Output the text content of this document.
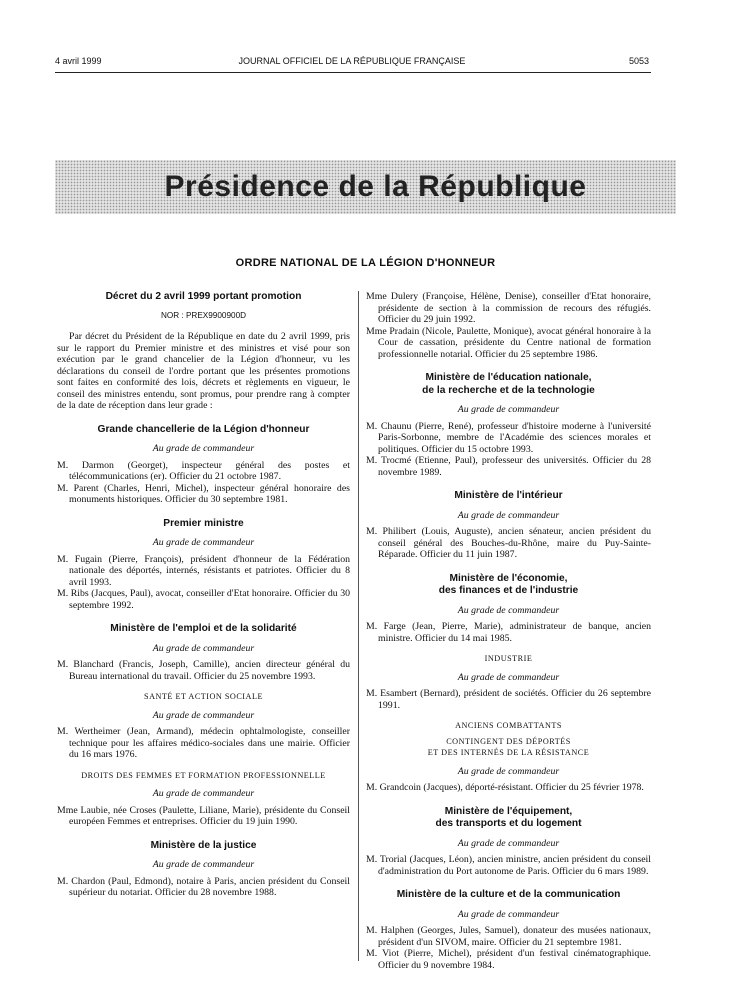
4 avril 1999	JOURNAL OFFICIEL DE LA RÉPUBLIQUE FRANÇAISE	5053
Présidence de la République
ORDRE NATIONAL DE LA LÉGION D'HONNEUR
Décret du 2 avril 1999 portant promotion
NOR : PREX9900900D

Par décret du Président de la République en date du 2 avril 1999, pris sur le rapport du Premier ministre et des ministres et visé pour son exécution par le grand chancelier de la Légion d'honneur, vu les déclarations du conseil de l'ordre portant que les présentes promotions sont faites en conformité des lois, décrets et règlements en vigueur, le conseil des ministres entendu, sont promus, pour prendre rang à compter de la date de réception dans leur grade :

Grande chancellerie de la Légion d'honneur
Au grade de commandeur

M. Darmon (Georget), inspecteur général des postes et télécommunications (er). Officier du 21 octobre 1987.

M. Parent (Charles, Henri, Michel), inspecteur général honoraire des monuments historiques. Officier du 30 septembre 1981.

Premier ministre
Au grade de commandeur

M. Fugain (Pierre, François), président d'honneur de la Fédération nationale des déportés, internés, résistants et patriotes. Officier du 8 avril 1993.

M. Ribs (Jacques, Paul), avocat, conseiller d'Etat honoraire. Officier du 30 septembre 1992.

Ministère de l'emploi et de la solidarité
Au grade de commandeur

M. Blanchard (Francis, Joseph, Camille), ancien directeur général du Bureau international du travail. Officier du 25 novembre 1993.

SANTÉ ET ACTION SOCIALE
Au grade de commandeur

M. Wertheimer (Jean, Armand), médecin ophtalmologiste, conseiller technique pour les affaires médico-sociales dans une mairie. Officier du 16 mars 1976.

DROITS DES FEMMES ET FORMATION PROFESSIONNELLE
Au grade de commandeur

Mme Laubie, née Croses (Paulette, Liliane, Marie), présidente du Conseil européen Femmes et entreprises. Officier du 19 juin 1990.

Ministère de la justice
Au grade de commandeur

M. Chardon (Paul, Edmond), notaire à Paris, ancien président du Conseil supérieur du notariat. Officier du 28 novembre 1988.

Mme Dulery (Françoise, Hélène, Denise), conseiller d'Etat honoraire, présidente de section à la commission de recours des réfugiés. Officier du 29 juin 1992.

Mme Pradain (Nicole, Paulette, Monique), avocat général honoraire à la Cour de cassation, présidente du Centre national de formation professionnelle notarial. Officier du 25 septembre 1986.

Ministère de l'éducation nationale,
de la recherche et de la technologie
Au grade de commandeur

M. Chaunu (Pierre, René), professeur d'histoire moderne à l'université Paris-Sorbonne, membre de l'Académie des sciences morales et politiques. Officier du 15 octobre 1993.

M. Trocmé (Etienne, Paul), professeur des universités. Officier du 28 novembre 1989.

Ministère de l'intérieur
Au grade de commandeur

M. Philibert (Louis, Auguste), ancien sénateur, ancien président du conseil général des Bouches-du-Rhône, maire du Puy-Sainte-Réparade. Officier du 11 juin 1987.

Ministère de l'économie,
des finances et de l'industrie
Au grade de commandeur

M. Farge (Jean, Pierre, Marie), administrateur de banque, ancien ministre. Officier du 14 mai 1985.

INDUSTRIE
Au grade de commandeur

M. Esambert (Bernard), président de sociétés. Officier du 26 septembre 1991.

ANCIENS COMBATTANTS
CONTINGENT DES DÉPORTÉS
ET DES INTERNÉS DE LA RÉSISTANCE
Au grade de commandeur

M. Grandcoin (Jacques), déporté-résistant. Officier du 25 février 1978.

Ministère de l'équipement,
des transports et du logement
Au grade de commandeur

M. Trorial (Jacques, Léon), ancien ministre, ancien président du conseil d'administration du Port autonome de Paris. Officier du 6 mars 1989.

Ministère de la culture et de la communication
Au grade de commandeur

M. Halphen (Georges, Jules, Samuel), donateur des musées nationaux, président d'un SIVOM, maire. Officier du 21 septembre 1981.

M. Viot (Pierre, Michel), président d'un festival cinématographique. Officier du 9 novembre 1984.
